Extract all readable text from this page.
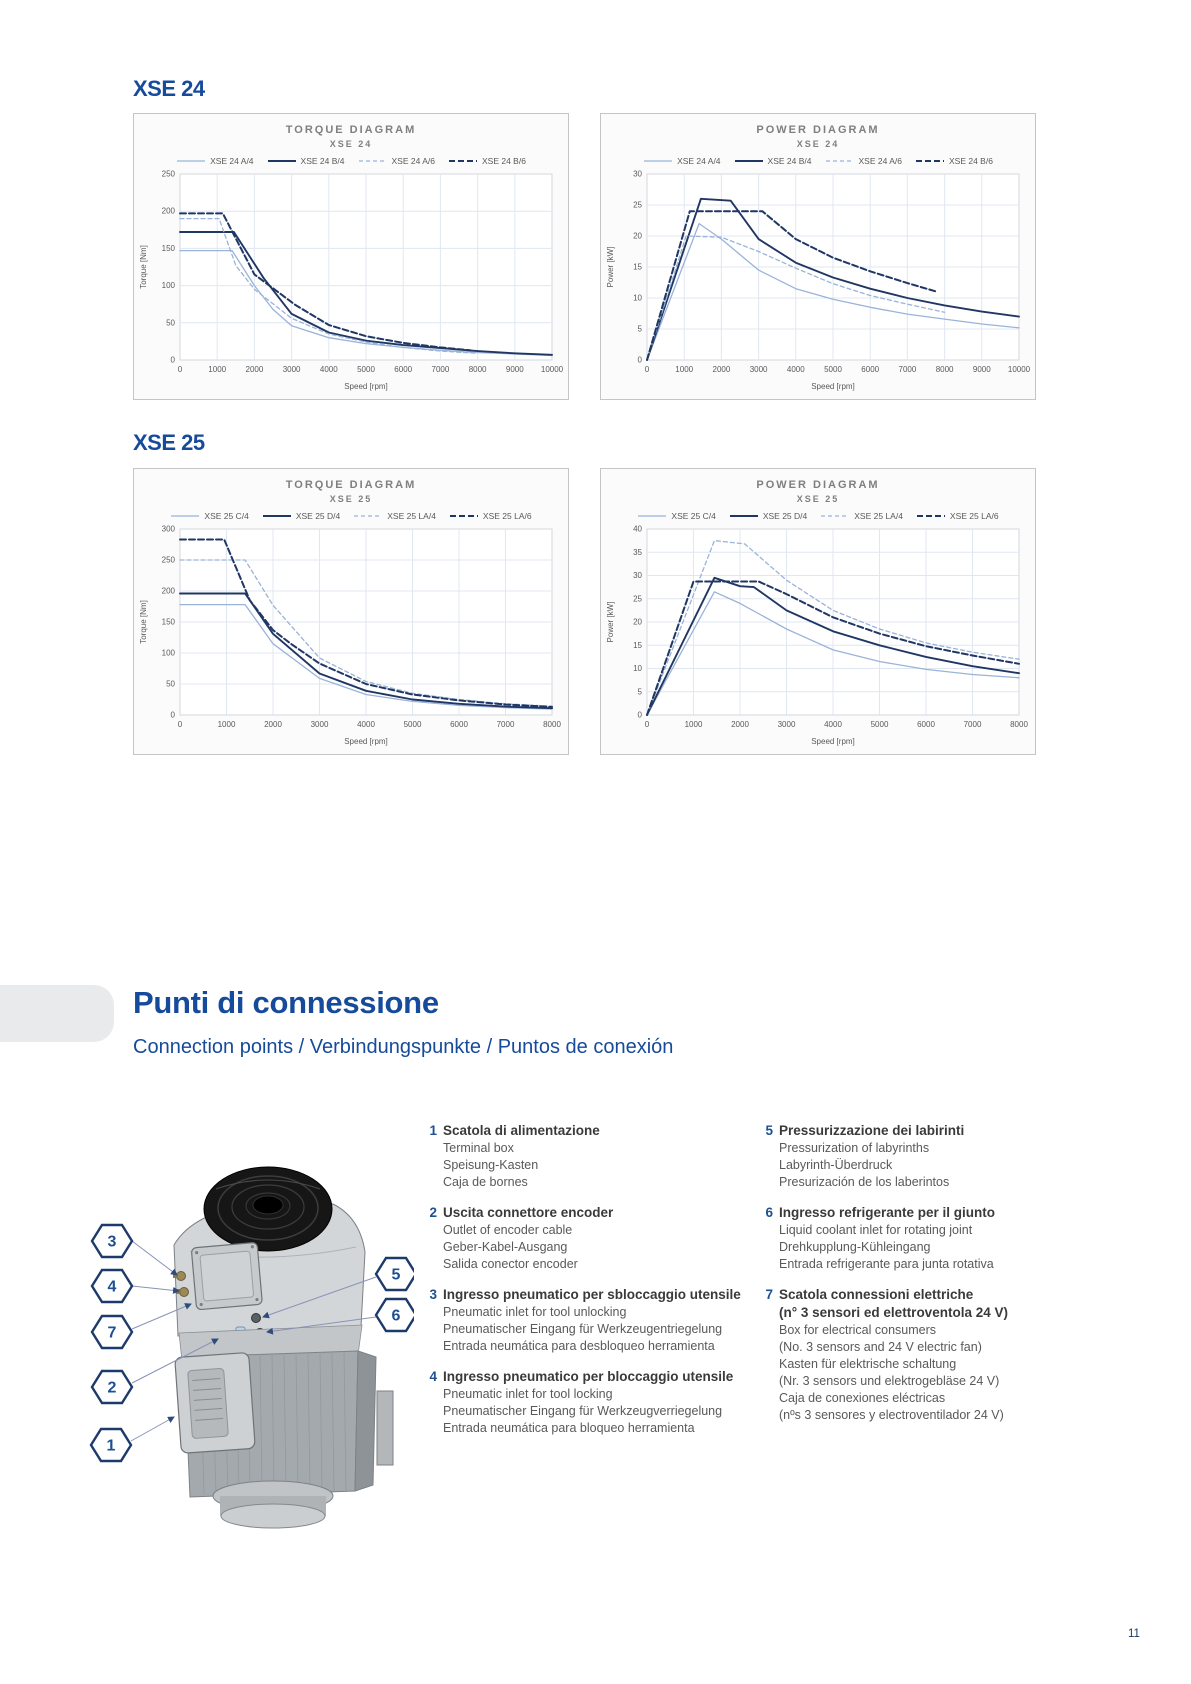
XSE 24
XSE 25
TORQUE DIAGRAM
XSE 24
XSE 24 A/4	XSE 24 B/4	XSE 24 A/6	XSE 24 B/6
0	1000 2000 3000 4000 5000 6000 7000 8000 9000 10000
0
50
100
150
200
250
Speed [rpm]
Torque [Nm]
POWER DIAGRAM
XSE 24
XSE 24 A/4	XSE 24 B/4	XSE 24 A/6	XSE 24 B/6
0	1000 2000 3000 4000 5000 6000 7000 8000 9000 10000
0
5
10
15
20
25
30
Speed [rpm]
Power [kW]
TORQUE DIAGRAM
XSE 25
XSE 25 C/4	XSE 25 D/4	XSE 25 LA/4	XSE 25 LA/6
0	1000	2000	3000	4000	5000	6000	7000	8000
0
50
100
150
200
250
300
Speed [rpm]
Torque [Nm]
POWER DIAGRAM
XSE 25
XSE 25 C/4	XSE 25 D/4	XSE 25 LA/4	XSE 25 LA/6
0	1000	2000	3000	4000	5000	6000	7000	8000
0
5
10
15
20
25
30
35
40
Speed [rpm]
Power [kW]
Punti di connessione
Connection points / Verbindungspunkte / Puntos de conexión
3
4
7
2
1
5
6
1 Scatola di alimentazione
Terminal box
Speisung-Kasten
Caja de bornes
2 Uscita connettore encoder
Outlet of encoder cable
Geber-Kabel-Ausgang
Salida conector encoder
3 Ingresso pneumatico per sbloccaggio utensile
Pneumatic inlet for tool unlocking
Pneumatischer Eingang für Werkzeugentriegelung
Entrada neumática para desbloqueo herramienta
4 Ingresso pneumatico per bloccaggio utensile
Pneumatic inlet for tool locking
Pneumatischer Eingang für Werkzeugverriegelung
Entrada neumática para bloqueo herramienta
5 Pressurizzazione dei labirinti
Pressurization of labyrinths
Labyrinth-Überdruck
Presurización de los laberintos
6 Ingresso refrigerante per il giunto
Liquid coolant inlet for rotating joint
Drehkupplung-Kühleingang
Entrada refrigerante para junta rotativa
7 Scatola connessioni elettriche
(n° 3 sensori ed elettroventola 24 V)
Box for electrical consumers
(No. 3 sensors and 24 V electric fan)
Kasten für elektrische schaltung
(Nr. 3 sensors und elektrogebläse 24 V)
Caja de conexiones eléctricas
(nºs 3 sensores y electroventilador 24 V)
11
